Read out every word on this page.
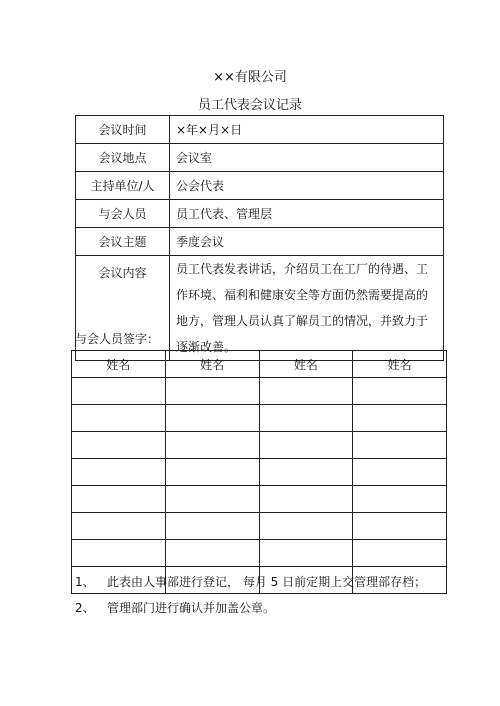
××有限公司
员工代表会议记录
会议时间	×年×月×日
会议地点	会议室
主持单位/人	公会代表
与会人员	员工代表、管理层
会议主题	季度会议
会议内容	员工代表发表讲话，介绍员工在工厂的待遇、工作环境、福利和健康安全等方面仍然需要提高的地方，管理人员认真了解员工的情况，并致力于逐渐改善。
与会人员签字：
姓名	姓名	姓名	姓名

1、 此表由人事部进行登记， 每月 5 日前定期上交管理部存档；
2、 管理部门进行确认并加盖公章。
